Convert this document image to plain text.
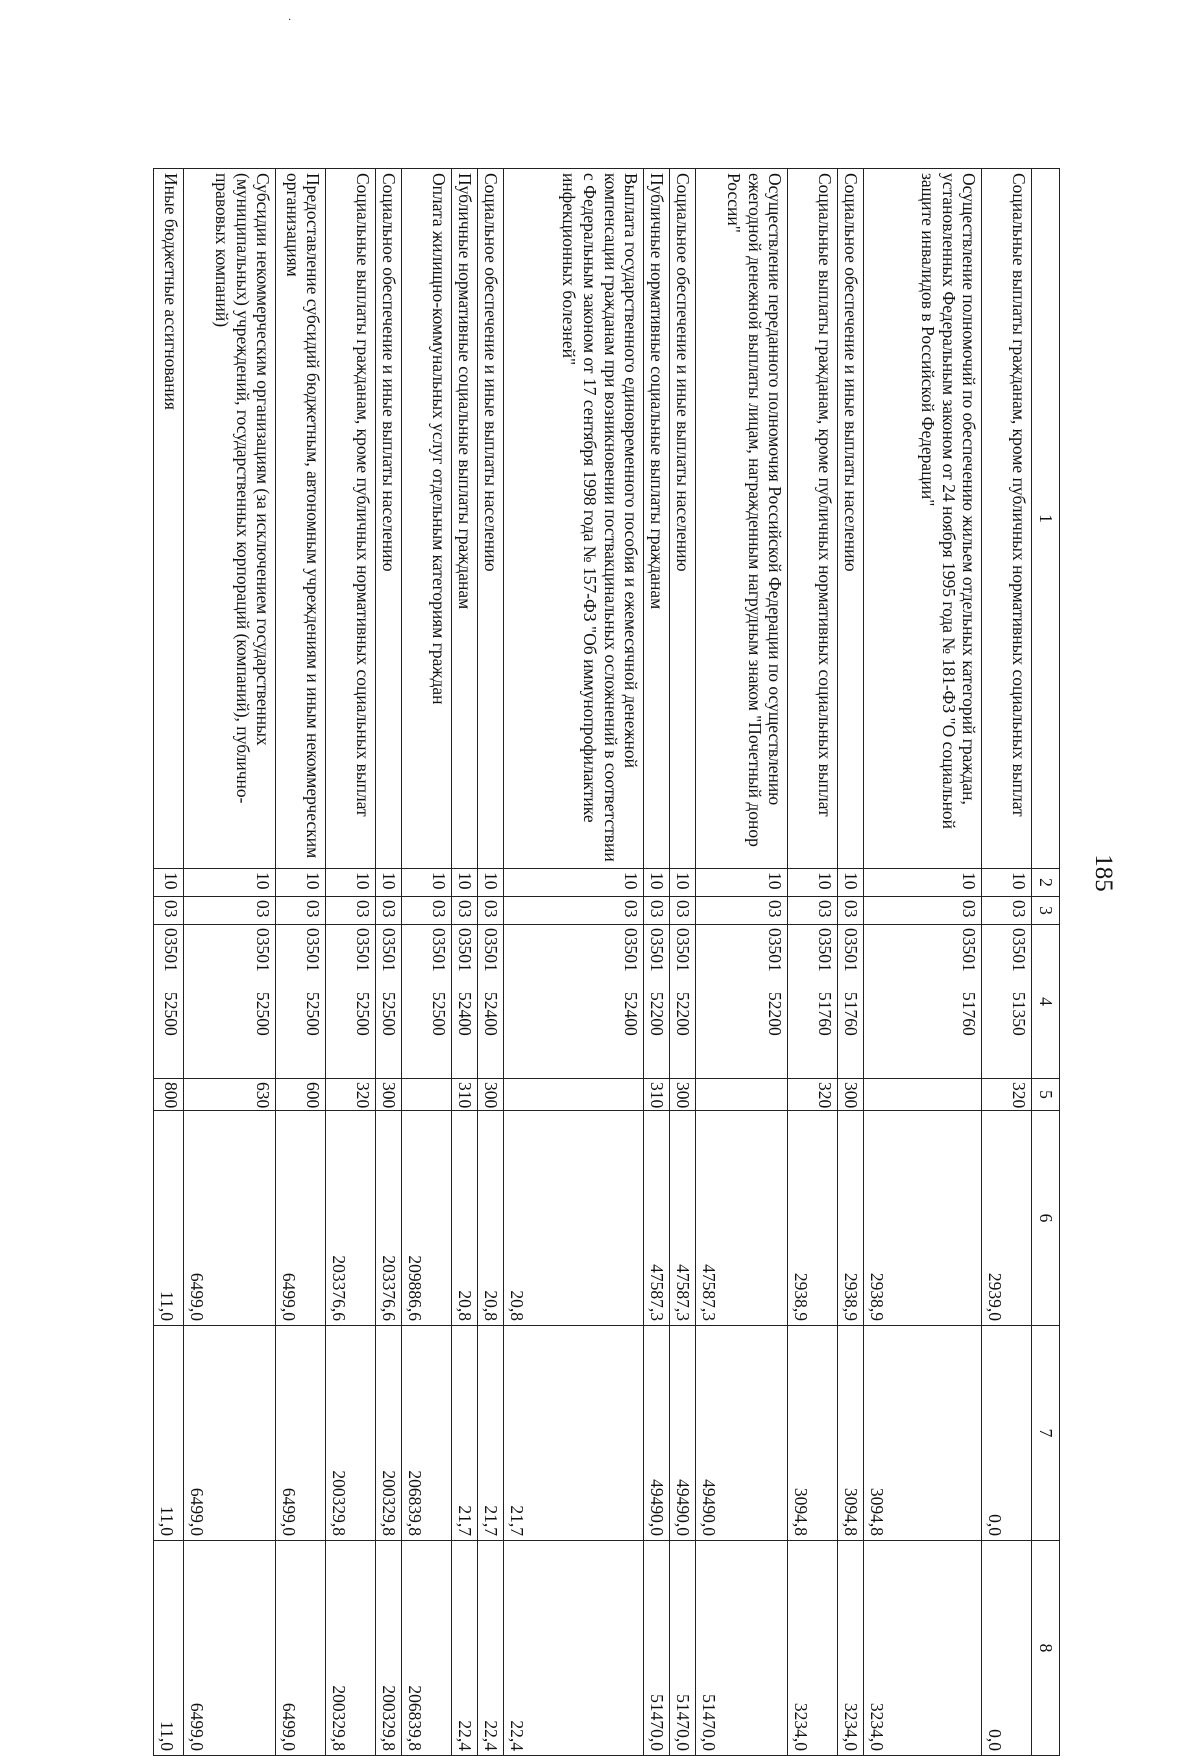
·
185
1	2	3	4	5	6	7	8
Социальные выплаты гражданам, кроме публичных нормативных социальных выплат	10	03	0350151350	320	2939,0	0,0	0,0
Осуществление полномочий по обеспечению жильем отдельных категорий граждан, установленных Федеральным законом от 24 ноября 1995 года № 181-ФЗ "О социальной защите инвалидов в Российской Федерации"	10	03	0350151760		2938,9	3094,8	3234,0
Социальное обеспечение и иные выплаты населению	10	03	0350151760	300	2938,9	3094,8	3234,0
Социальные выплаты гражданам, кроме публичных нормативных социальных выплат	10	03	0350151760	320	2938,9	3094,8	3234,0
Осуществление переданного полномочия Российской Федерации по осуществлению ежегодной денежной выплаты лицам, награжденным нагрудным знаком "Почетный донор России"	10	03	0350152200		47587,3	49490,0	51470,0
Социальное обеспечение и иные выплаты населению	10	03	0350152200	300	47587,3	49490,0	51470,0
Публичные нормативные социальные выплаты гражданам	10	03	0350152200	310	47587,3	49490,0	51470,0
Выплата государственного единовременного пособия и ежемесячной денежной компенсации гражданам при возникновении поствакцинальных осложнений в соответствии с Федеральным законом от 17 сентября 1998 года № 157-ФЗ "Об иммунопрофилактике инфекционных болезней"	10	03	0350152400		20,8	21,7	22,4
Социальное обеспечение и иные выплаты населению	10	03	0350152400	300	20,8	21,7	22,4
Публичные нормативные социальные выплаты гражданам	10	03	0350152400	310	20,8	21,7	22,4
Оплата жилищно-коммунальных услуг отдельным категориям граждан	10	03	0350152500		209886,6	206839,8	206839,8
Социальное обеспечение и иные выплаты населению	10	03	0350152500	300	203376,6	200329,8	200329,8
Социальные выплаты гражданам, кроме публичных нормативных социальных выплат	10	03	0350152500	320	203376,6	200329,8	200329,8
Предоставление субсидий бюджетным, автономным учреждениям и иным некоммерческим организациям	10	03	0350152500	600	6499,0	6499,0	6499,0
Субсидии некоммерческим организациям (за исключением государственных (муниципальных) учреждений, государственных корпораций (компаний), публично-правовых компаний)	10	03	0350152500	630	6499,0	6499,0	6499,0
Иные бюджетные ассигнования	10	03	0350152500	800	11,0	11,0	11,0
